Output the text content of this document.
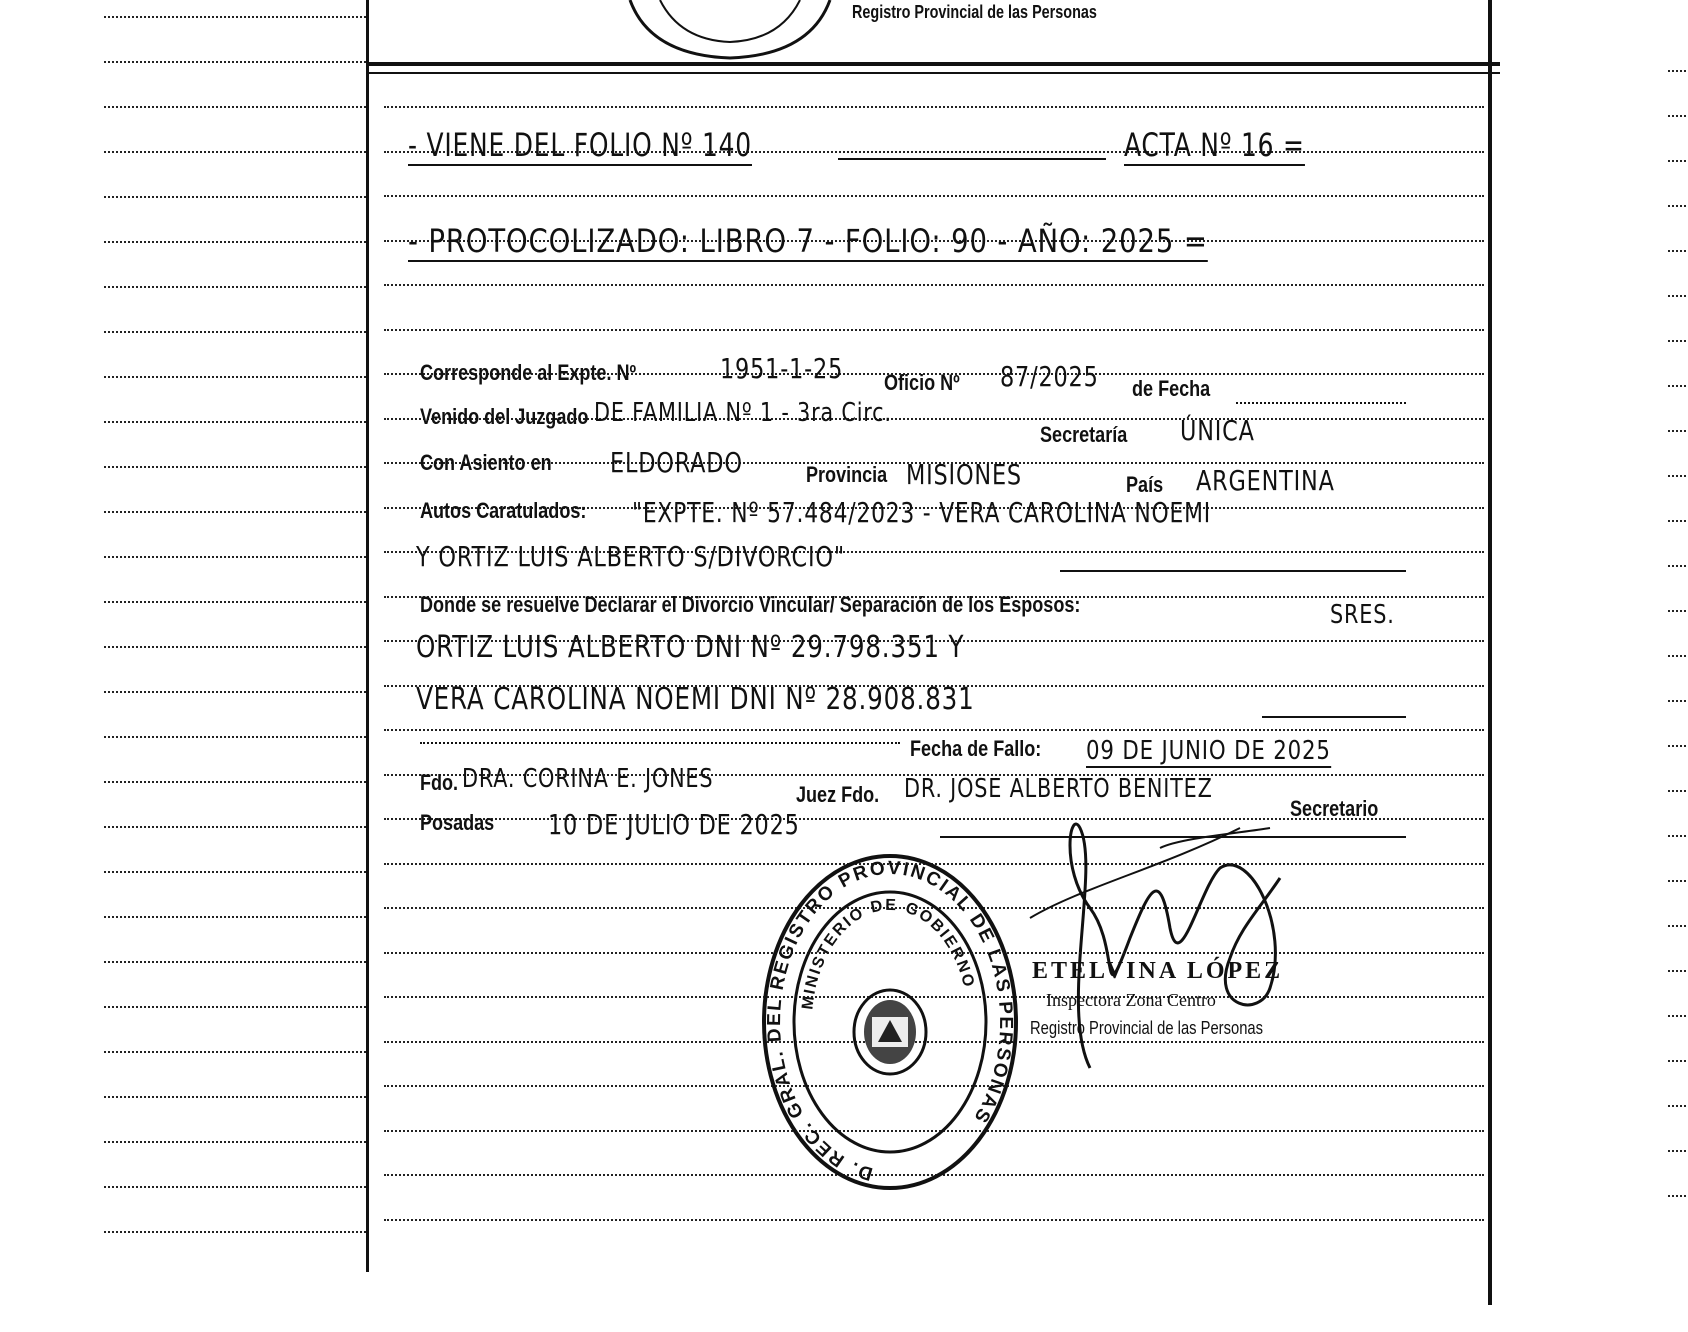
Registro Provincial de las Personas
- VIENE DEL FOLIO Nº 140	ACTA Nº 16 =
- PROTOCOLIZADO: LIBRO 7 - FOLIO: 90 - AÑO: 2025 =
Corresponde al Expte. Nº	1951-1-25 Oficio Nº 87/2025 de Fecha
Venido del Juzgado DE FAMILIA Nº 1 - 3ra Circ.
Secretaría ÚNICA
Con Asiento en ELDORADO	Provincia MISIONES	País ARGENTINA
Autos Caratulados: "EXPTE. Nº 57.484/2023 - VERA CAROLINA NOEMI
Y ORTIZ LUIS ALBERTO S/DIVORCIO"
Donde se resuelve Declarar el Divorcio Vincular/ Separación de los Esposos:	SRES.
ORTIZ LUIS ALBERTO DNI Nº 29.798.351 Y
VERA CAROLINA NOEMI DNI Nº 28.908.831
Fecha de Fallo: 09 DE JUNIO DE 2025
Fdo. DRA. CORINA E. JONES
Juez Fdo. DR. JOSE ALBERTO BENITEZ
Secretario
Posadas 10 DE JULIO DE 2025
D. REC. GRAL. DEL REGISTRO PROVINCIAL DE LAS PERSONAS
MINISTERIO DE GOBIERNO ETELVINA LÓPEZ
Inspectora Zona Centro
Registro Provincial de las Personas
